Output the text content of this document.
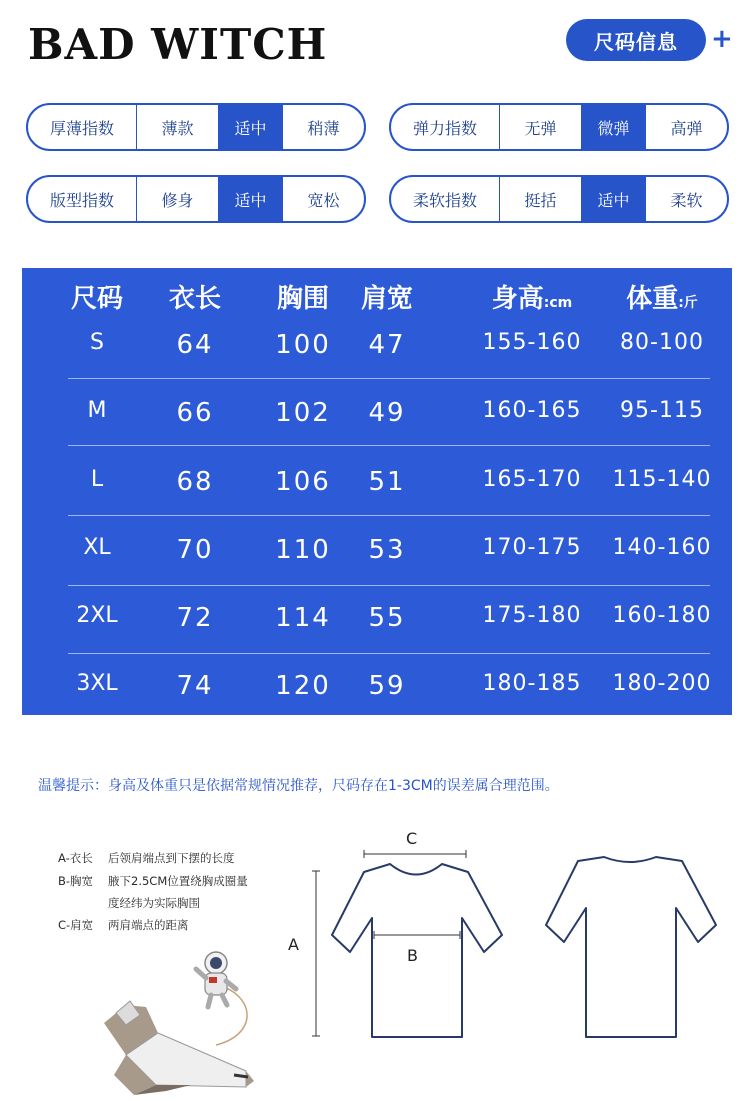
BAD WITCH	尺码信息	+
厚薄指数	薄款	适中	稍薄	弹力指数	无弹	微弹	高弹
版型指数	修身	适中	宽松	柔软指数	挺括	适中	柔软
尺码	衣长	胸围	肩宽	身高:cm	体重:斤
S	64	100	47	155-160	80-100
M	66	102	49	160-165	95-115
L	68	106	51	165-170	115-140
XL	70	110	53	170-175	140-160
2XL	72	114	55	175-180	160-180
3XL	74	120	59	180-185	180-200
温馨提示：身高及体重只是依据常规情况推荐，尺码存在1-3CM的误差属合理范围。
A-衣长 后领肩端点到下摆的长度
B-胸宽 腋下2.5CM位置绕胸成圈量
度经纬为实际胸围
C-肩宽 两肩端点的距离
C
A
B
